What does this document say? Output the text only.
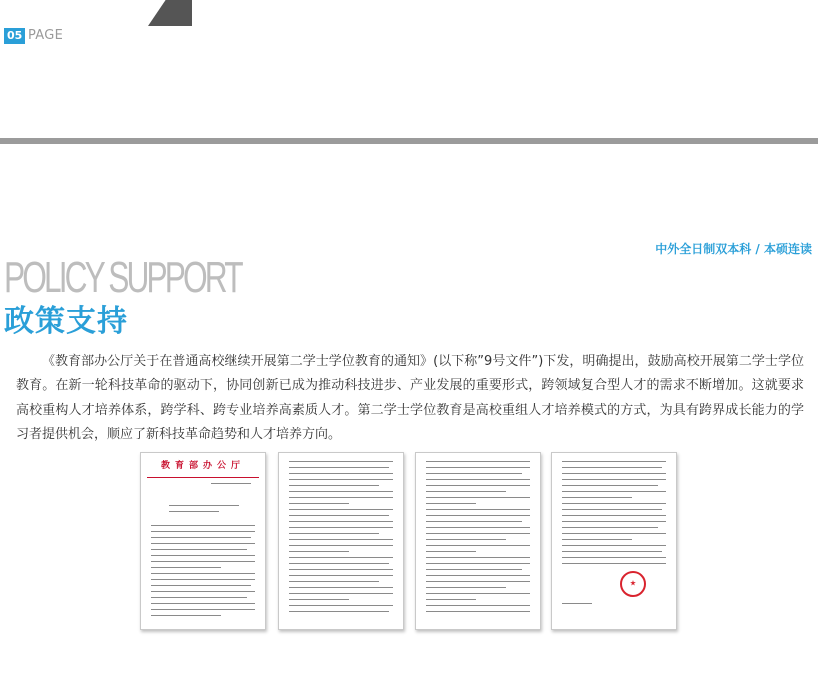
05 PAGE
中外全日制双本科 / 本硕连读
POLICY SUPPORT
政策支持

《教育部办公厅关于在普通高校继续开展第二学士学位教育的通知》(以下称”9号文件”)下发，明确提出，鼓励高校开展第二学士学位教育。在新一轮科技革命的驱动下，协同创新已成为推动科技进步、产业发展的重要形式，跨领域复合型人才的需求不断增加。这就要求高校重构人才培养体系，跨学科、跨专业培养高素质人才。第二学士学位教育是高校重组人才培养模式的方式，为具有跨界成长能力的学习者提供机会，顺应了新科技革命趋势和人才培养方向。

教育部办公厅
